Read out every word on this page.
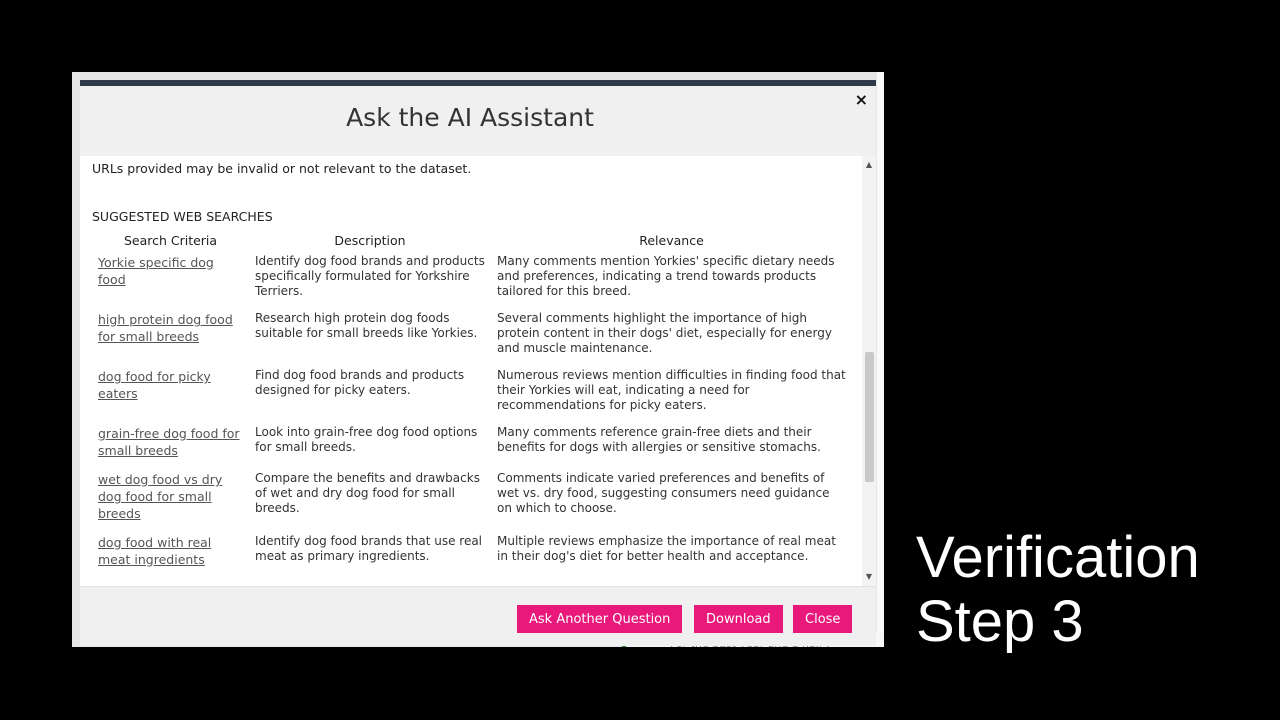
Ask the AI Assistant
×
URLs provided may be invalid or not relevant to the dataset.
SUGGESTED WEB SEARCHES
Search Criteria	Description	Relevance
Yorkie specific dog food	Identify dog food brands and products specifically formulated for Yorkshire Terriers.	Many comments mention Yorkies' specific dietary needs and preferences, indicating a trend towards products tailored for this breed.
high protein dog food for small breeds	Research high protein dog foods suitable for small breeds like Yorkies.	Several comments highlight the importance of high protein content in their dogs' diet, especially for energy and muscle maintenance.
dog food for picky eaters	Find dog food brands and products designed for picky eaters.	Numerous reviews mention difficulties in finding food that their Yorkies will eat, indicating a need for recommendations for picky eaters.
grain-free dog food for small breeds	Look into grain-free dog food options for small breeds.	Many comments reference grain-free diets and their benefits for dogs with allergies or sensitive stomachs.
wet dog food vs dry dog food for small breeds	Compare the benefits and drawbacks of wet and dry dog food for small breeds.	Comments indicate varied preferences and benefits of wet vs. dry food, suggesting consumers need guidance on which to choose.
dog food with real meat ingredients	Identify dog food brands that use real meat as primary ingredients.	Multiple reviews emphasize the importance of real meat in their dog's diet for better health and acceptance.
▲
▼
Ask Another Question	Download	Close
Verification
Step 3
